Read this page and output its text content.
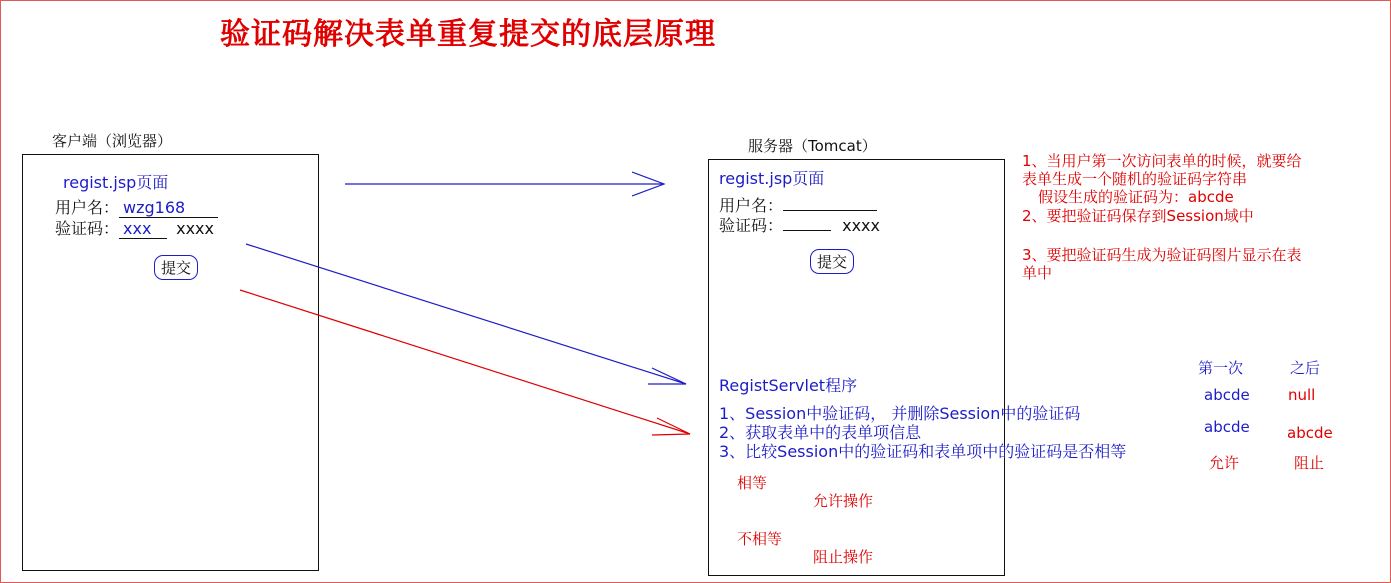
验证码解决表单重复提交的底层原理
客户端（浏览器）
regist.jsp页面
用户名： wzg168
验证码： xxx xxxx
提交
服务器（Tomcat）
regist.jsp页面
用户名：
验证码：	xxxx
提交
RegistServlet程序
1、Session中验证码， 并删除Session中的验证码
2、获取表单中的表单项信息
3、比较Session中的验证码和表单项中的验证码是否相等
相等
允许操作
不相等
阻止操作
1、当用户第一次访问表单的时候，就要给
表单生成一个随机的验证码字符串
假设生成的验证码为：abcde
2、要把验证码保存到Session域中
3、要把验证码生成为验证码图片显示在表
单中
第一次	之后
abcde	null
abcde abcde
允许	阻止
